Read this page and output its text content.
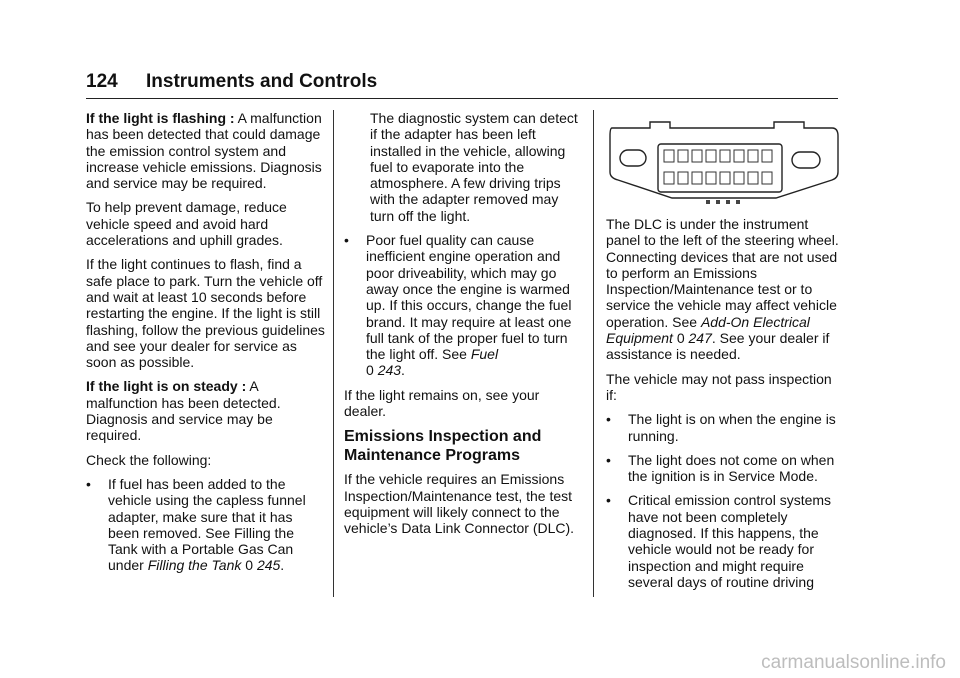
124 Instruments and Controls

If the light is flashing : A malfunction has been detected that could damage the emission control system and increase vehicle emissions. Diagnosis and service may be required.

To help prevent damage, reduce vehicle speed and avoid hard accelerations and uphill grades.

If the light continues to flash, find a safe place to park. Turn the vehicle off and wait at least 10 seconds before restarting the engine. If the light is still flashing, follow the previous guidelines and see your dealer for service as soon as possible.

If the light is on steady : A malfunction has been detected. Diagnosis and service may be required.

Check the following:

• If fuel has been added to the vehicle using the capless funnel adapter, make sure that it has been removed. See Filling the Tank with a Portable Gas Can under Filling the Tank 0 245.

The diagnostic system can detect if the adapter has been left installed in the vehicle, allowing fuel to evaporate into the atmosphere. A few driving trips with the adapter removed may turn off the light.

• Poor fuel quality can cause inefficient engine operation and poor driveability, which may go away once the engine is warmed up. If this occurs, change the fuel brand. It may require at least one full tank of the proper fuel to turn the light off. See Fuel
0 243.

If the light remains on, see your dealer.

Emissions Inspection and Maintenance Programs

If the vehicle requires an Emissions Inspection/Maintenance test, the test equipment will likely connect to the vehicle’s Data Link Connector (DLC).

The DLC is under the instrument panel to the left of the steering wheel. Connecting devices that are not used to perform an Emissions Inspection/Maintenance test or to service the vehicle may affect vehicle operation. See Add-On Electrical Equipment 0 247. See your dealer if assistance is needed.

The vehicle may not pass inspection if:

• The light is on when the engine is running.
• The light does not come on when the ignition is in Service Mode.
• Critical emission control systems have not been completely diagnosed. If this happens, the vehicle would not be ready for inspection and might require several days of routine driving
carmanualsonline.info
